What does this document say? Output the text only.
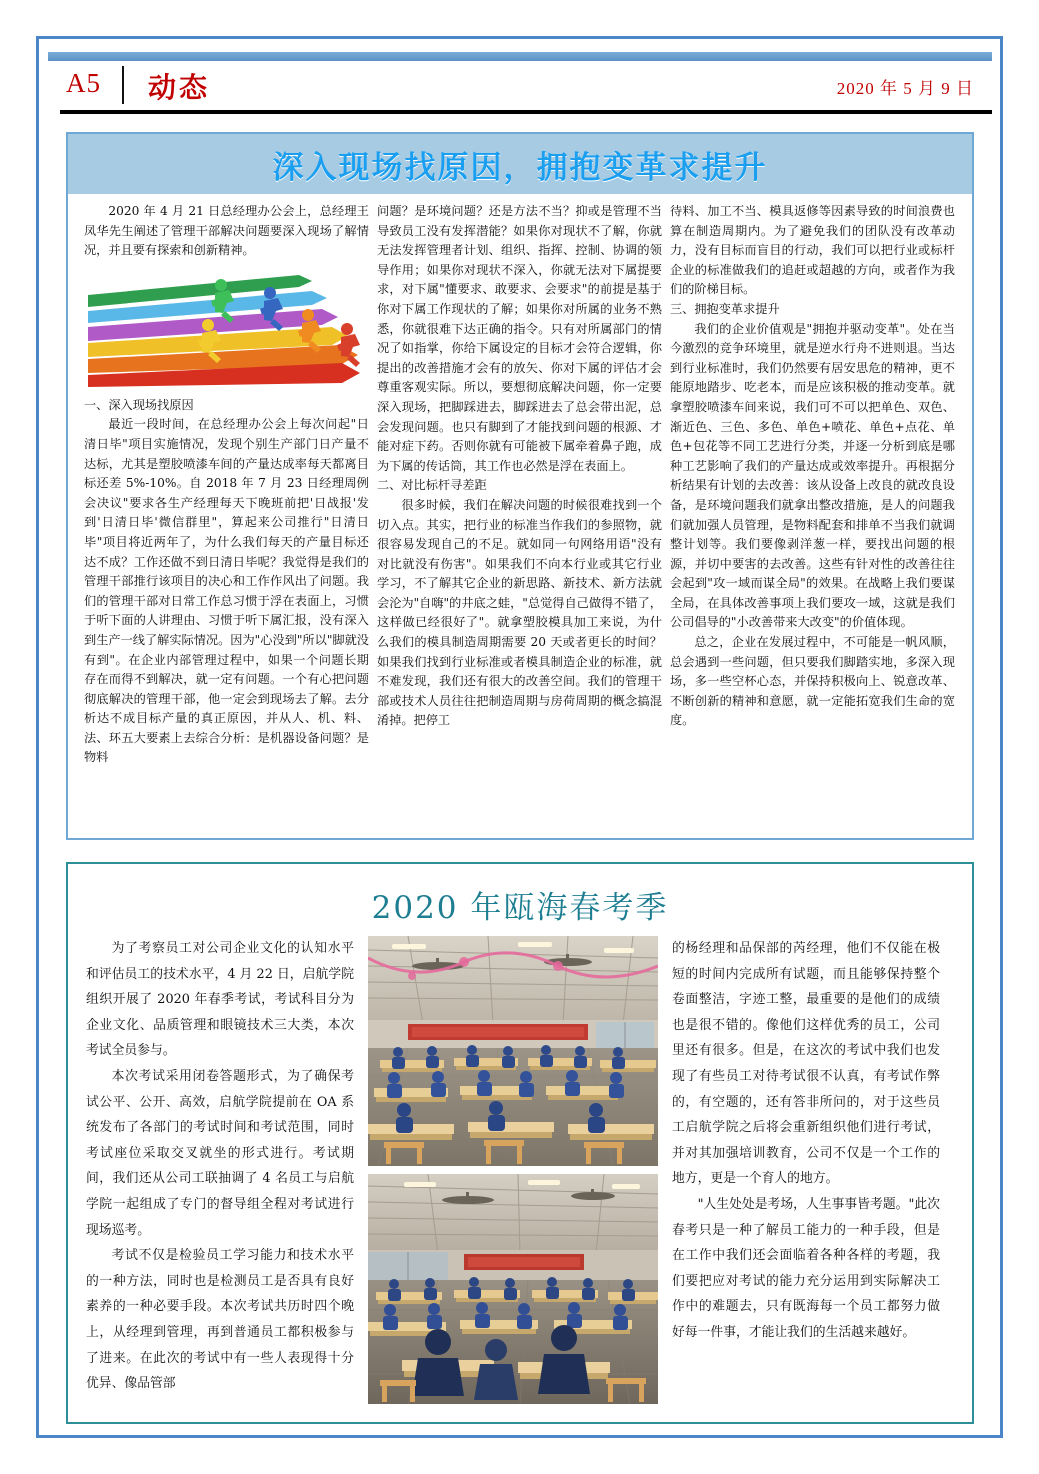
A5 动态	2020 年 5 月 9 日
深入现场找原因，拥抱变革求提升

2020 年 4 月 21 日总经理办公会上，总经理王凤华先生阐述了管理干部解决问题要深入现场了解情况，并且要有探索和创新精神。

一、深入现场找原因

最近一段时间，在总经理办公会上每次问起"日清日毕"项目实施情况，发现个别生产部门日产量不达标，尤其是塑胶喷漆车间的产量达成率每天都离目标还差 5%-10%。自 2018 年 7 月 23 日经理周例会决议"要求各生产经理每天下晚班前把'日战报'发到'日清日毕'微信群里"，算起来公司推行"日清日毕"项目将近两年了，为什么我们每天的产量目标还达不成？工作还做不到日清日毕呢？我觉得是我们的管理干部推行该项目的决心和工作作风出了问题。我们的管理干部对日常工作总习惯于浮在表面上，习惯于听下面的人讲理由、习惯于听下属汇报，没有深入到生产一线了解实际情况。因为"心没到"所以"脚就没有到"。在企业内部管理过程中，如果一个问题长期存在而得不到解决，就一定有问题。一个有心把问题彻底解决的管理干部，他一定会到现场去了解。去分析达不成目标产量的真正原因，并从人、机、料、法、环五大要素上去综合分析：是机器设备问题？是物料

问题？是环境问题？还是方法不当？抑或是管理不当导致员工没有发挥潜能？如果你对现状不了解，你就无法发挥管理者计划、组织、指挥、控制、协调的领导作用；如果你对现状不深入，你就无法对下属提要求，对下属"懂要求、敢要求、会要求"的前提是基于你对下属工作现状的了解；如果你对所属的业务不熟悉，你就很难下达正确的指令。只有对所属部门的情况了如指掌，你给下属设定的目标才会符合逻辑，你提出的改善措施才会有的放矢、你对下属的评估才会尊重客观实际。所以，要想彻底解决问题，你一定要深入现场，把脚踩进去，脚踩进去了总会带出泥，总会发现问题。也只有脚到了才能找到问题的根源、才能对症下药。否则你就有可能被下属牵着鼻子跑，成为下属的传话筒，其工作也必然是浮在表面上。

二、对比标杆寻差距

很多时候，我们在解决问题的时候很难找到一个切入点。其实，把行业的标准当作我们的参照物，就很容易发现自己的不足。就如同一句网络用语"没有对比就没有伤害"。如果我们不向本行业或其它行业学习，不了解其它企业的新思路、新技术、新方法就会沦为"自嗨"的井底之蛙，"总觉得自己做得不错了，这样做已经很好了"。就拿塑胶模具加工来说，为什么我们的模具制造周期需要 20 天或者更长的时间？如果我们找到行业标准或者模具制造企业的标准，就不难发现，我们还有很大的改善空间。我们的管理干部或技术人员往往把制造周期与房荷周期的概念搞混淆掉。把停工

待料、加工不当、模具返修等因素导致的时间浪费也算在制造周期内。为了避免我们的团队没有改革动力，没有目标而盲目的行动，我们可以把行业或标杆企业的标准做我们的追赶或超越的方向，或者作为我们的阶梯目标。

三、拥抱变革求提升

我们的企业价值观是"拥抱并驱动变革"。处在当今激烈的竞争环境里，就是逆水行舟不进则退。当达到行业标准时，我们仍然要有居安思危的精神，更不能原地踏步、吃老本，而是应该积极的推动变革。就拿塑胶喷漆车间来说，我们可不可以把单色、双色、渐近色、三色、多色、单色+喷花、单色+点花、单色+包花等不同工艺进行分类，并逐一分析到底是哪种工艺影响了我们的产量达成或效率提升。再根据分析结果有计划的去改善：该从设备上改良的就改良设备，是环境问题我们就拿出整改措施，是人的问题我们就加强人员管理，是物料配套和排单不当我们就调整计划等。我们要像剥洋葱一样，要找出问题的根源，并切中要害的去改善。这些有针对性的改善往往会起到"攻一域而谋全局"的效果。在战略上我们要谋全局，在具体改善事项上我们要攻一域，这就是我们公司倡导的"小改善带来大改变"的价值体现。

总之，企业在发展过程中，不可能是一帆风顺，总会遇到一些问题，但只要我们脚踏实地，多深入现场，多一些空杯心态，并保持积极向上、锐意改革、不断创新的精神和意愿，就一定能拓宽我们生命的宽度。

2020 年瓯海春考季

为了考察员工对公司企业文化的认知水平和评估员工的技术水平，4 月 22 日，启航学院组织开展了 2020 年春季考试，考试科目分为企业文化、品质管理和眼镜技术三大类，本次考试全员参与。

本次考试采用闭卷答题形式，为了确保考试公平、公开、高效，启航学院提前在 OA 系统发布了各部门的考试时间和考试范围，同时考试座位采取交叉就坐的形式进行。考试期间，我们还从公司工联抽调了 4 名员工与启航学院一起组成了专门的督导组全程对考试进行现场巡考。

考试不仅是检验员工学习能力和技术水平的一种方法，同时也是检测员工是否具有良好素养的一种必要手段。本次考试共历时四个晚上，从经理到管理，再到普通员工都积极参与了进来。在此次的考试中有一些人表现得十分优异、像品管部

的杨经理和品保部的芮经理，他们不仅能在极短的时间内完成所有试题，而且能够保持整个卷面整洁，字迹工整，最重要的是他们的成绩也是很不错的。像他们这样优秀的员工，公司里还有很多。但是，在这次的考试中我们也发现了有些员工对待考试很不认真，有考试作弊的，有空题的，还有答非所问的，对于这些员工启航学院之后将会重新组织他们进行考试，并对其加强培训教育，公司不仅是一个工作的地方，更是一个育人的地方。

"人生处处是考场，人生事事皆考题。"此次春考只是一种了解员工能力的一种手段，但是在工作中我们还会面临着各种各样的考题，我们要把应对考试的能力充分运用到实际解决工作中的难题去，只有既海每一个员工都努力做好每一件事，才能让我们的生活越来越好。
